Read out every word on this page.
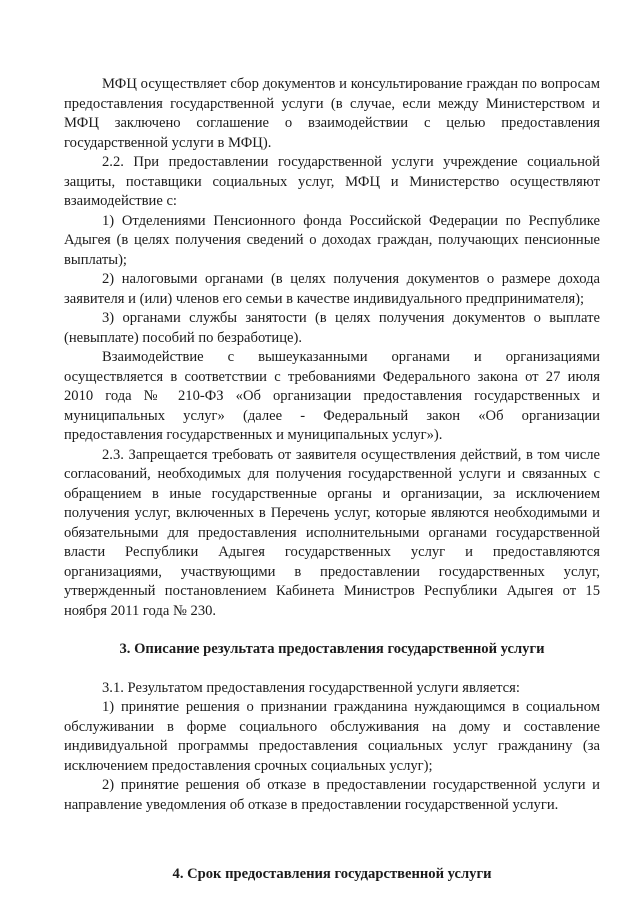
МФЦ осуществляет сбор документов и консультирование граждан по вопросам предоставления государственной услуги (в случае, если между Министерством и МФЦ заключено соглашение о взаимодействии с целью предоставления государственной услуги в МФЦ).

2.2. При предоставлении государственной услуги учреждение социальной защиты, поставщики социальных услуг, МФЦ и Министерство осуществляют взаимодействие с:

1) Отделениями Пенсионного фонда Российской Федерации по Республике Адыгея (в целях получения сведений о доходах граждан, получающих пенсионные выплаты);

2) налоговыми органами (в целях получения документов о размере дохода заявителя и (или) членов его семьи в качестве индивидуального предпринимателя);

3) органами службы занятости (в целях получения документов о выплате (невыплате) пособий по безработице).

Взаимодействие с вышеуказанными органами и организациями осуществляется в соответствии с требованиями Федерального закона от 27 июля 2010 года № 210-ФЗ «Об организации предоставления государственных и муниципальных услуг» (далее - Федеральный закон «Об организации предоставления государственных и муниципальных услуг»).

2.3. Запрещается требовать от заявителя осуществления действий, в том числе согласований, необходимых для получения государственной услуги и связанных с обращением в иные государственные органы и организации, за исключением получения услуг, включенных в Перечень услуг, которые являются необходимыми и обязательными для предоставления исполнительными органами государственной власти Республики Адыгея государственных услуг и предоставляются организациями, участвующими в предоставлении государственных услуг, утвержденный постановлением Кабинета Министров Республики Адыгея от 15 ноября 2011 года № 230.

3. Описание результата предоставления государственной услуги

3.1. Результатом предоставления государственной услуги является:

1) принятие решения о признании гражданина нуждающимся в социальном обслуживании в форме социального обслуживания на дому и составление индивидуальной программы предоставления социальных услуг гражданину (за исключением предоставления срочных социальных услуг);

2) принятие решения об отказе в предоставлении государственной услуги и направление уведомления об отказе в предоставлении государственной услуги.

4. Срок предоставления государственной услуги
